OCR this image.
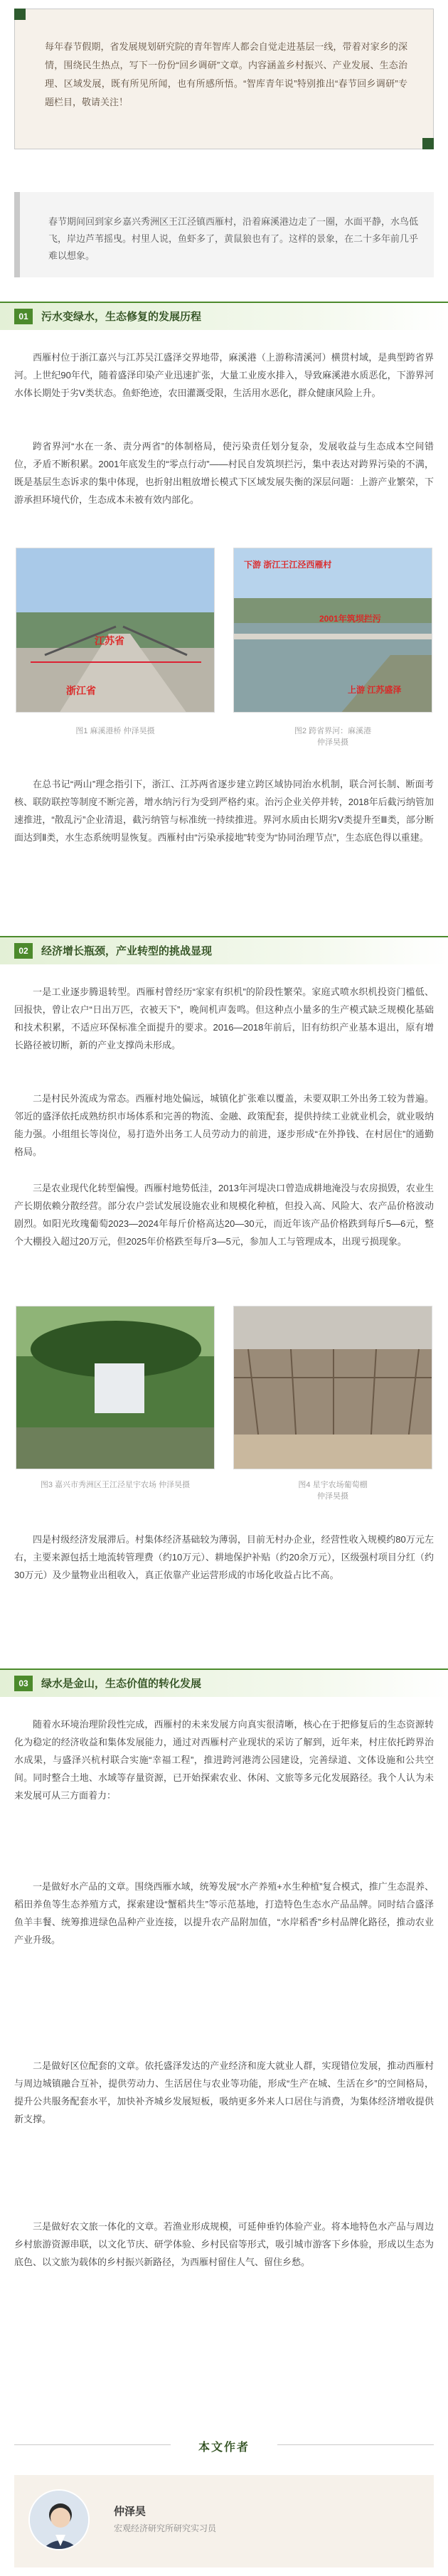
每年春节假期，省发展规划研究院的青年智库人都会自觉走进基层一线，带着对家乡的深情，围绕民生热点，写下一份份“回乡调研”文章。内容涵盖乡村振兴、产业发展、生态治理、区域发展，既有所见所闻，也有所感所悟。“智库青年说”特别推出“春节回乡调研”专题栏目，敬请关注！

春节期间回到家乡嘉兴秀洲区王江泾镇西雁村，沿着麻溪港边走了一圈，水面平静，水鸟低飞，岸边芦苇摇曳。村里人说，鱼虾多了，黄鼠狼也有了。这样的景象，在二十多年前几乎难以想象。

01	污水变绿水，生态修复的发展历程

西雁村位于浙江嘉兴与江苏吴江盛泽交界地带，麻溪港（上游称清溪河）横贯村域，是典型跨省界河。上世纪90年代，随着盛泽印染产业迅速扩张，大量工业废水排入，导致麻溪港水质恶化，下游界河水体长期处于劣V类状态。鱼虾绝迹，农田灌溉受限，生活用水恶化，群众健康风险上升。

跨省界河“水在一条、责分两省”的体制格局，使污染责任划分复杂，发展收益与生态成本空间错位，矛盾不断积累。2001年底发生的“零点行动”——村民自发筑坝拦污，集中表达对跨界污染的不满，既是基层生态诉求的集中体现，也折射出粗放增长模式下区域发展失衡的深层问题：上游产业繁荣，下游承担环境代价，生态成本未被有效内部化。

江苏省
浙江省
下游 浙江王江泾西雁村
2001年筑坝拦污
上游 江苏盛泽

图1 麻溪港桥 仲泽昊摄	图2 跨省界河：麻溪港

仲泽昊摄

在总书记“两山”理念指引下，浙江、江苏两省逐步建立跨区域协同治水机制，联合河长制、断面考核、联防联控等制度不断完善，增水纳污行为受到严格约束。治污企业关停并转，2018年后截污纳管加速推进，“散乱污”企业清退，截污纳管与标准统一持续推进。界河水质由长期劣V类提升至Ⅲ类，部分断面达到Ⅱ类，水生态系统明显恢复。西雁村由“污染承接地”转变为“协同治理节点”，生态底色得以重建。

02	经济增长瓶颈，产业转型的挑战显现

一是工业逐步腾退转型。西雁村曾经历“家家有织机”的阶段性繁荣。家庭式喷水织机投资门槛低、回报快，曾让农户“日出万匹，衣被天下”，晚间机声轰鸣。但这种点小量多的生产模式缺乏规模化基础和技术积累，不适应环保标准全面提升的要求。2016—2018年前后，旧有纺织产业基本退出，原有增长路径被切断，新的产业支撑尚未形成。

二是村民外流成为常态。西雁村地处偏远，城镇化扩张难以覆盖，未要双职工外出务工较为普遍。邻近的盛泽依托成熟纺织市场体系和完善的物流、金融、政策配套，提供持续工业就业机会，就业吸纳能力强。小组组长等岗位，易打造外出务工人员劳动力的前进，逐步形成“在外挣钱、在村居住”的通勤格局。

三是农业现代化转型偏慢。西雁村地势低洼，2013年河堤决口曾造成耕地淹没与农房损毁，农业生产长期依赖分散经营。部分农户尝试发展设施农业和规模化种植，但投入高、风险大、农产品价格波动剧烈。如阳光玫瑰葡萄2023—2024年每斤价格高达20—30元，而近年该产品价格跌到每斤5—6元，整个大棚投入超过20万元，但2025年价格跌至每斤3—5元，参加人工与管理成本，出现亏损现象。

图3 嘉兴市秀洲区王江泾星宇农场 仲泽昊摄	图4 星宇农场葡萄棚

仲泽昊摄

四是村级经济发展滞后。村集体经济基础较为薄弱，目前无村办企业，经营性收入规模约80万元左右，主要来源包括土地流转管理费（约10万元）、耕地保护补贴（约20余万元），区级强村项目分红（约30万元）及少量物业出租收入，真正依靠产业运营形成的市场化收益占比不高。

03	绿水是金山，生态价值的转化发展

随着水环境治理阶段性完成，西雁村的未来发展方向真实很清晰，核心在于把修复后的生态资源转化为稳定的经济收益和集体发展能力，通过对西雁村产业现状的采访了解到，近年来，村庄依托跨界治水成果，与盛泽兴杭村联合实施“幸福工程”，推进跨河港湾公园建设，完善绿道、文体设施和公共空间。同时整合土地、水域等存量资源，已开始探索农业、休闲、文旅等多元化发展路径。我个人认为未来发展可从三方面着力：

一是做好水产品的文章。围绕西雁水域，统筹发展“水产养殖+水生种植”复合模式，推广生态混养、稻田养鱼等生态养殖方式，探索建设“蟹稻共生”等示范基地，打造特色生态水产品品牌。同时结合盛泽鱼羊丰餐、统筹推进绿色品种产业连接，以提升农产品附加值，“水岸稻香”乡村品牌化路径，推动农业产业升级。

二是做好区位配套的文章。依托盛泽发达的产业经济和庞大就业人群，实现错位发展，推动西雁村与周边城镇融合互补，提供劳动力、生活居住与农业等功能，形成“生产在城、生活在乡”的空间格局，提升公共服务配套水平，加快补齐城乡发展短板，吸纳更多外来人口居住与消费，为集体经济增收提供新支撑。

三是做好农文旅一体化的文章。若渔业形成规模，可延伸垂钓体验产业。将本地特色水产品与周边乡村旅游资源串联，以文化节庆、研学体验、乡村民宿等形式，吸引城市游客下乡体验，形成以生态为底色、以文旅为载体的乡村振兴新路径，为西雁村留住人气、留住乡愁。

本文作者
仲泽昊
宏观经济研究所研究实习员
